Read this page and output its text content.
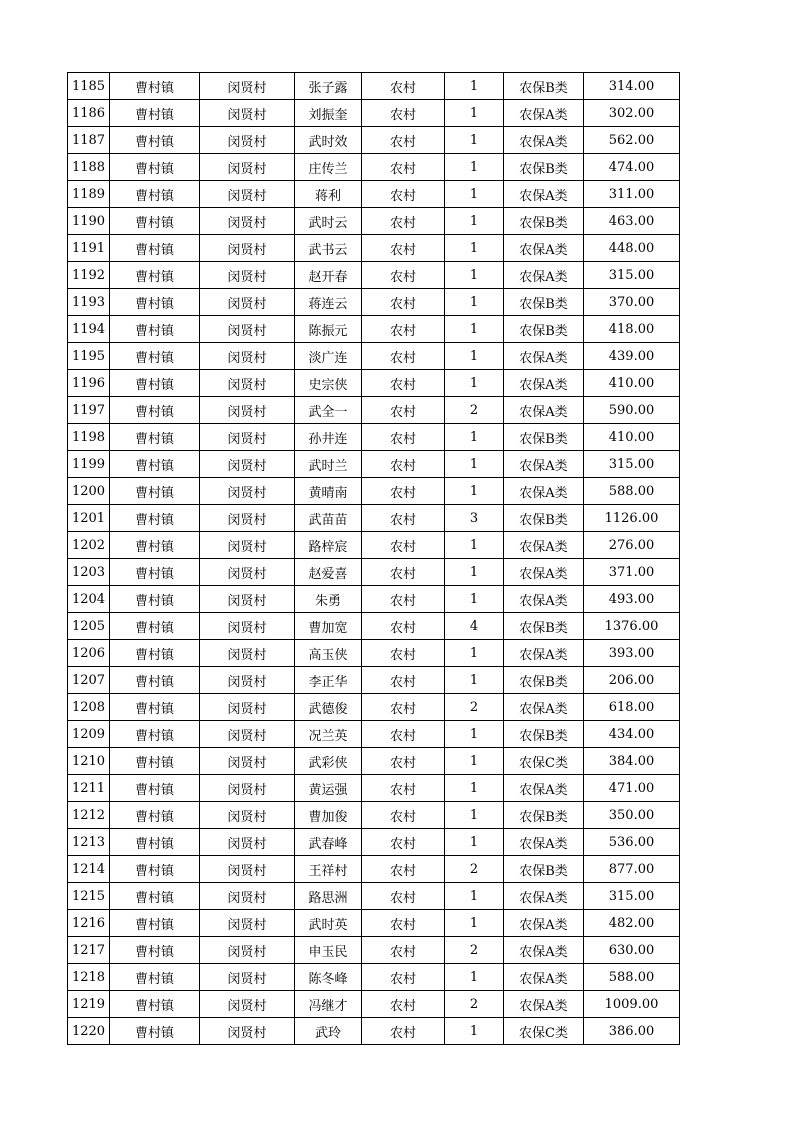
1185	曹村镇	闵贤村	张子露	农村	1	农保B类	314.00
1186	曹村镇	闵贤村	刘振奎	农村	1	农保A类	302.00
1187	曹村镇	闵贤村	武时效	农村	1	农保A类	562.00
1188	曹村镇	闵贤村	庄传兰	农村	1	农保B类	474.00
1189	曹村镇	闵贤村	蒋利	农村	1	农保A类	311.00
1190	曹村镇	闵贤村	武时云	农村	1	农保B类	463.00
1191	曹村镇	闵贤村	武书云	农村	1	农保A类	448.00
1192	曹村镇	闵贤村	赵开春	农村	1	农保A类	315.00
1193	曹村镇	闵贤村	蒋连云	农村	1	农保B类	370.00
1194	曹村镇	闵贤村	陈振元	农村	1	农保B类	418.00
1195	曹村镇	闵贤村	淡广连	农村	1	农保A类	439.00
1196	曹村镇	闵贤村	史宗侠	农村	1	农保A类	410.00
1197	曹村镇	闵贤村	武全一	农村	2	农保A类	590.00
1198	曹村镇	闵贤村	孙井连	农村	1	农保B类	410.00
1199	曹村镇	闵贤村	武时兰	农村	1	农保A类	315.00
1200	曹村镇	闵贤村	黄晴南	农村	1	农保A类	588.00
1201	曹村镇	闵贤村	武苗苗	农村	3	农保B类	1126.00
1202	曹村镇	闵贤村	路梓宸	农村	1	农保A类	276.00
1203	曹村镇	闵贤村	赵爱喜	农村	1	农保A类	371.00
1204	曹村镇	闵贤村	朱勇	农村	1	农保A类	493.00
1205	曹村镇	闵贤村	曹加宽	农村	4	农保B类	1376.00
1206	曹村镇	闵贤村	高玉侠	农村	1	农保A类	393.00
1207	曹村镇	闵贤村	李正华	农村	1	农保B类	206.00
1208	曹村镇	闵贤村	武德俊	农村	2	农保A类	618.00
1209	曹村镇	闵贤村	况兰英	农村	1	农保B类	434.00
1210	曹村镇	闵贤村	武彩侠	农村	1	农保C类	384.00
1211	曹村镇	闵贤村	黄运强	农村	1	农保A类	471.00
1212	曹村镇	闵贤村	曹加俊	农村	1	农保B类	350.00
1213	曹村镇	闵贤村	武春峰	农村	1	农保A类	536.00
1214	曹村镇	闵贤村	王祥村	农村	2	农保B类	877.00
1215	曹村镇	闵贤村	路思洲	农村	1	农保A类	315.00
1216	曹村镇	闵贤村	武时英	农村	1	农保A类	482.00
1217	曹村镇	闵贤村	申玉民	农村	2	农保A类	630.00
1218	曹村镇	闵贤村	陈冬峰	农村	1	农保A类	588.00
1219	曹村镇	闵贤村	冯继才	农村	2	农保A类	1009.00
1220	曹村镇	闵贤村	武玲	农村	1	农保C类	386.00
